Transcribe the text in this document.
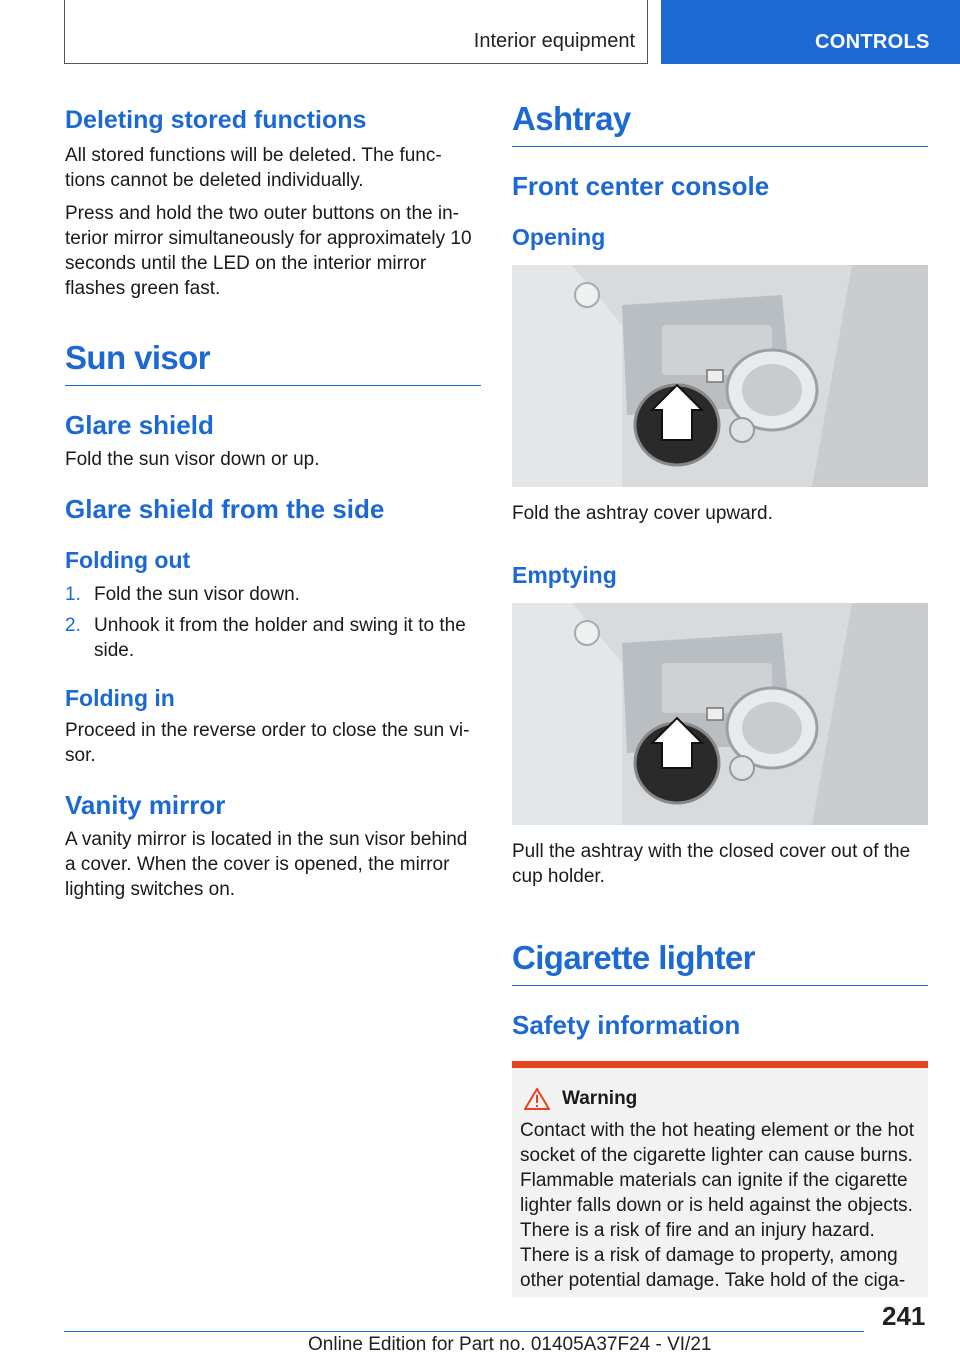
Interior equipment	CONTROLS
Deleting stored functions

All stored functions will be deleted. The func-tions cannot be deleted individually.

Press and hold the two outer buttons on the in-terior mirror simultaneously for approximately 10 seconds until the LED on the interior mirror flashes green fast.

Sun visor
Glare shield

Fold the sun visor down or up.

Glare shield from the side
Folding out
1. Fold the sun visor down.
2. Unhook it from the holder and swing it to the side.
Folding in

Proceed in the reverse order to close the sun vi-sor.

Vanity mirror

A vanity mirror is located in the sun visor behind a cover. When the cover is opened, the mirror lighting switches on.

Ashtray
Front center console
Opening

Fold the ashtray cover upward.

Emptying

Pull the ashtray with the closed cover out of the cup holder.

Cigarette lighter
Safety information
Warning
Contact with the hot heating element or the hot socket of the cigarette lighter can cause burns. Flammable materials can ignite if the cigarette lighter falls down or is held against the objects. There is a risk of fire and an injury hazard. There is a risk of damage to property, among other potential damage. Take hold of the ciga-
241
Online Edition for Part no. 01405A37F24 - VI/21
